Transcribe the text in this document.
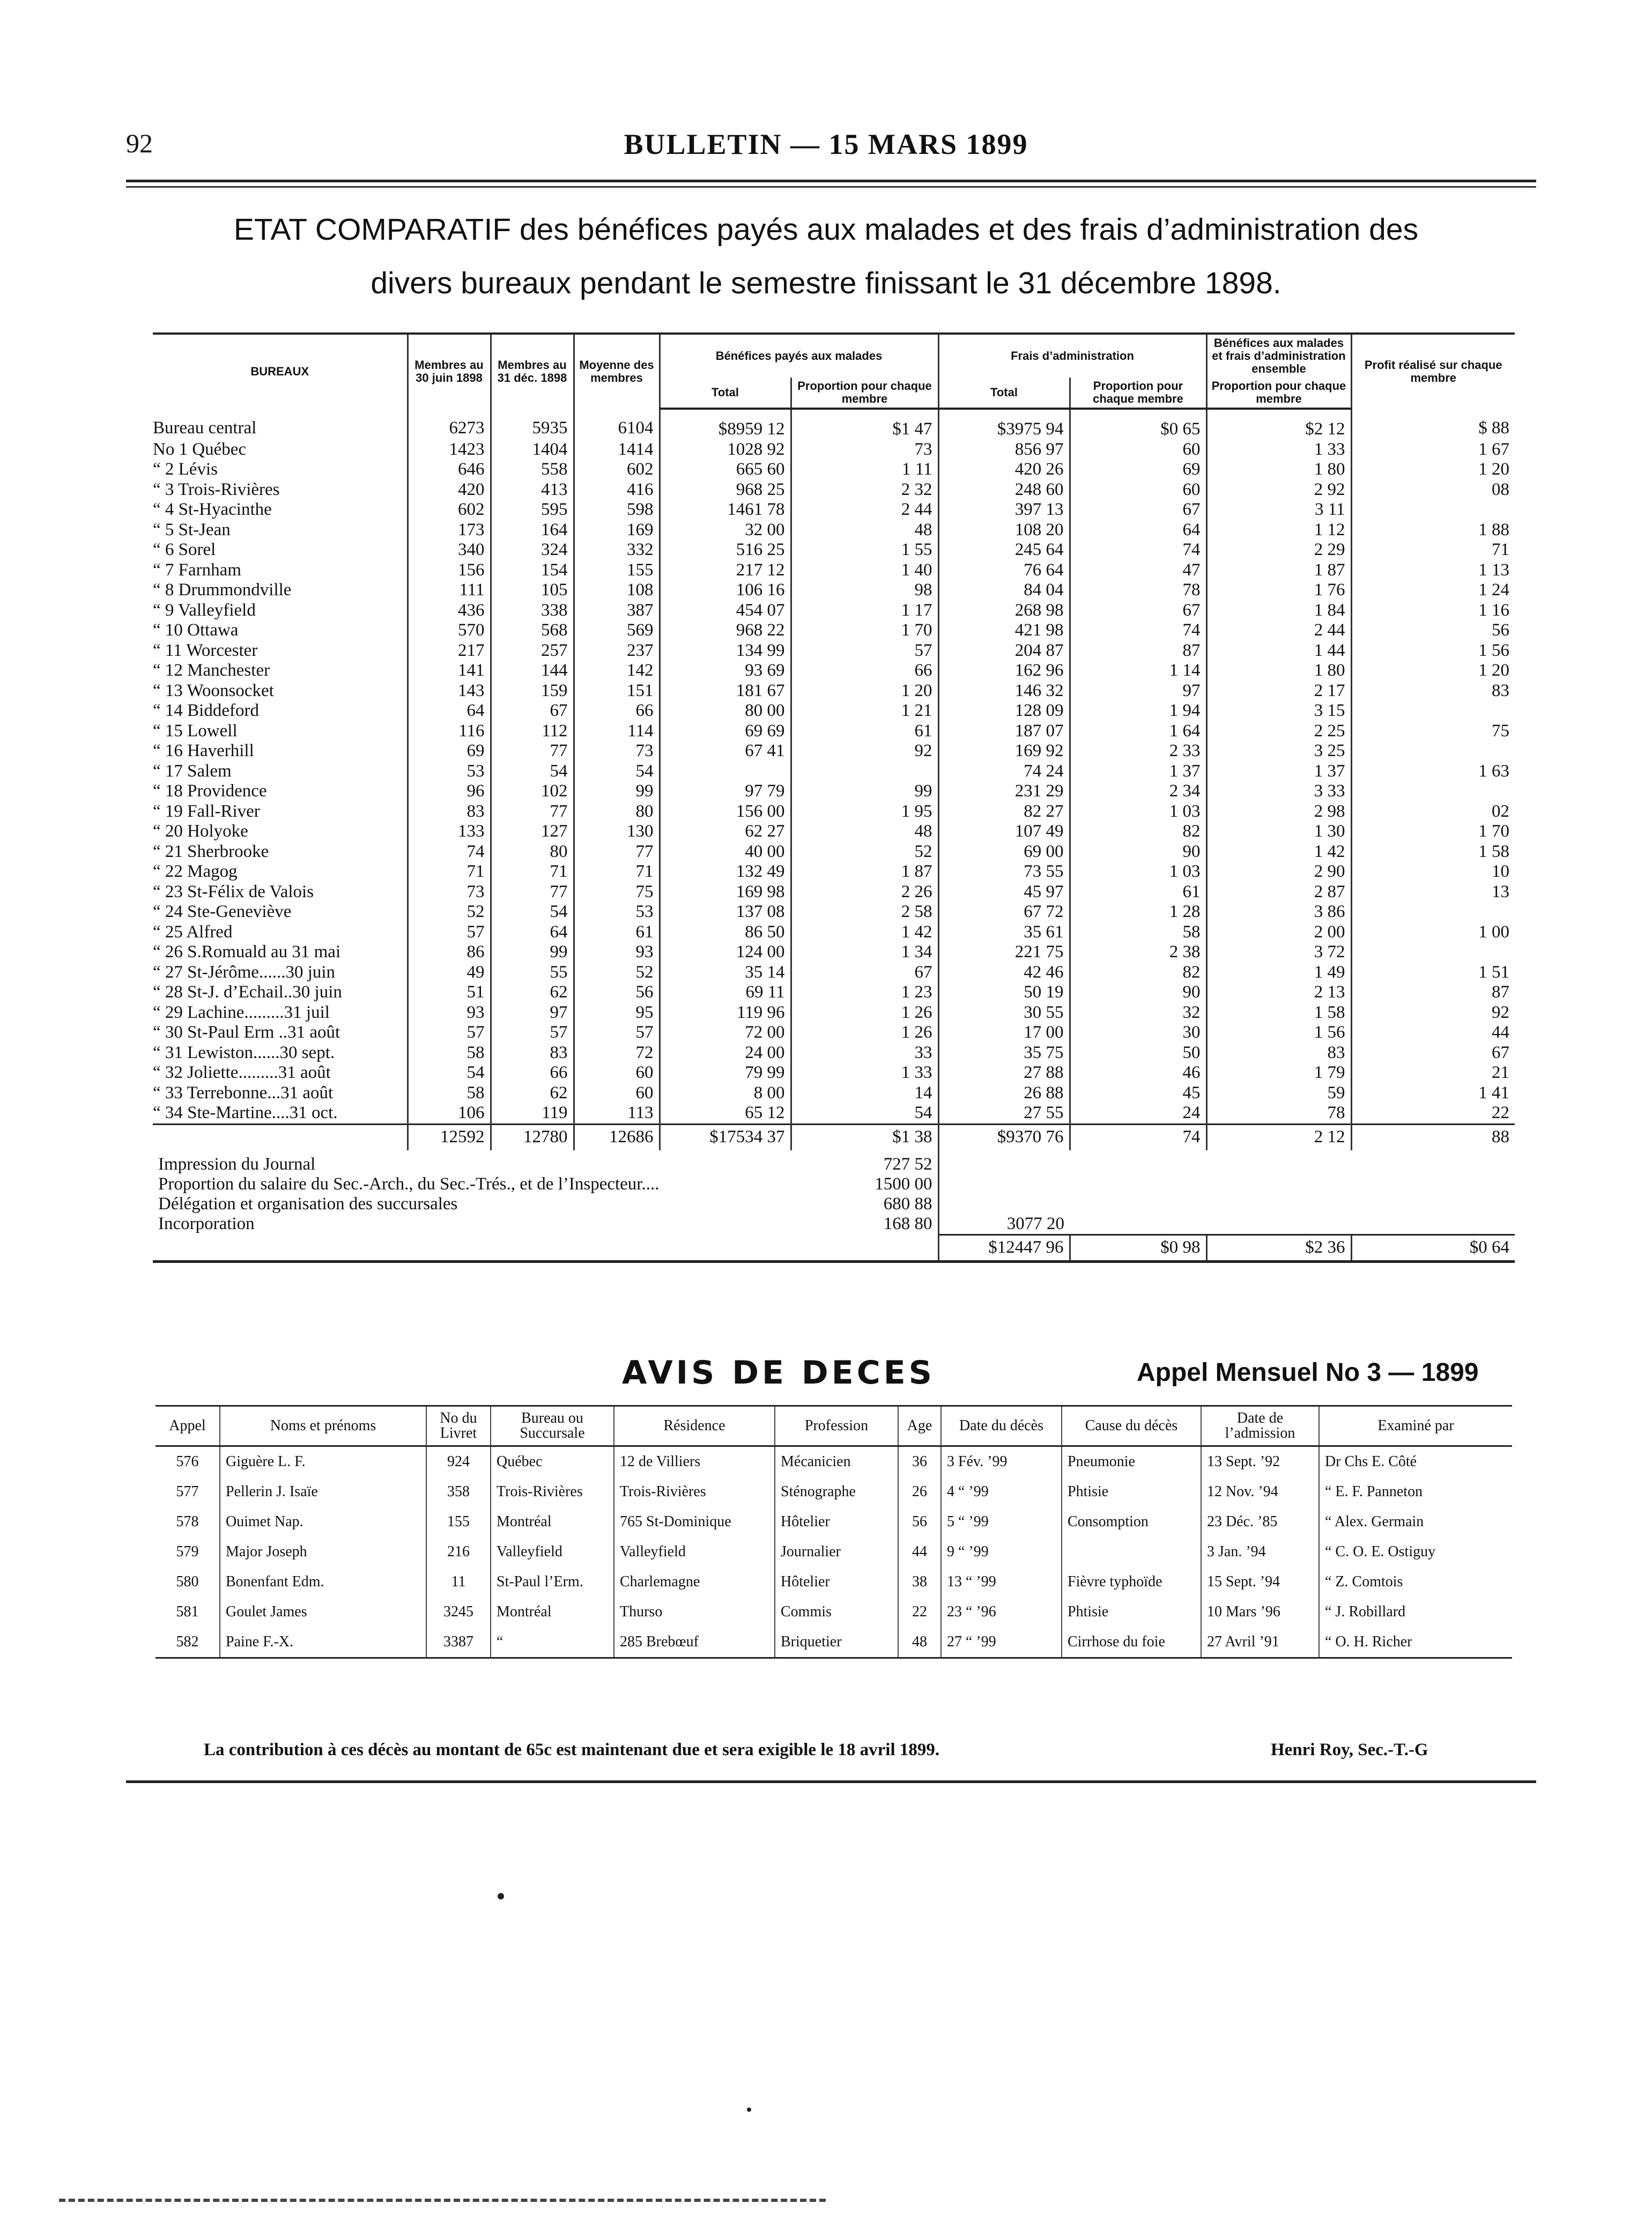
92	BULLETIN — 15 MARS 1899
ETAT COMPARATIF des bénéfices payés aux malades et des frais d’administration des
divers bureaux pendant le semestre finissant le 31 décembre 1898.
BUREAUX	Membres au 30 juin 1898	Membres au 31 déc. 1898	Moyenne des membres	Bénéfices payés aux malades		Frais d’administration		Bénéfices aux malades et frais d’administration ensemble	Profit réalisé sur chaque membre
				Total	Proportion pour chaque membre	Total	Proportion pour chaque membre	Proportion pour chaque membre	
Bureau central	6273	5935	6104	$8959 12	$1 47	$3975 94	$0 65	$2 12	$ 88
No 1 Québec	1423	1404	1414	1028 92	73	856 97	60	1 33	1 67
“ 2 Lévis	646	558	602	665 60	1 11	420 26	69	1 80	1 20
“ 3 Trois-Rivières	420	413	416	968 25	2 32	248 60	60	2 92	08
“ 4 St-Hyacinthe	602	595	598	1461 78	2 44	397 13	67	3 11	
“ 5 St-Jean	173	164	169	32 00	48	108 20	64	1 12	1 88
“ 6 Sorel	340	324	332	516 25	1 55	245 64	74	2 29	71
“ 7 Farnham	156	154	155	217 12	1 40	76 64	47	1 87	1 13
“ 8 Drummondville	111	105	108	106 16	98	84 04	78	1 76	1 24
“ 9 Valleyfield	436	338	387	454 07	1 17	268 98	67	1 84	1 16
“ 10 Ottawa	570	568	569	968 22	1 70	421 98	74	2 44	56
“ 11 Worcester	217	257	237	134 99	57	204 87	87	1 44	1 56
“ 12 Manchester	141	144	142	93 69	66	162 96	1 14	1 80	1 20
“ 13 Woonsocket	143	159	151	181 67	1 20	146 32	97	2 17	83
“ 14 Biddeford	64	67	66	80 00	1 21	128 09	1 94	3 15	
“ 15 Lowell	116	112	114	69 69	61	187 07	1 64	2 25	75
“ 16 Haverhill	69	77	73	67 41	92	169 92	2 33	3 25	
“ 17 Salem	53	54	54			74 24	1 37	1 37	1 63
“ 18 Providence	96	102	99	97 79	99	231 29	2 34	3 33	
“ 19 Fall-River	83	77	80	156 00	1 95	82 27	1 03	2 98	02
“ 20 Holyoke	133	127	130	62 27	48	107 49	82	1 30	1 70
“ 21 Sherbrooke	74	80	77	40 00	52	69 00	90	1 42	1 58
“ 22 Magog	71	71	71	132 49	1 87	73 55	1 03	2 90	10
“ 23 St-Félix de Valois	73	77	75	169 98	2 26	45 97	61	2 87	13
“ 24 Ste-Geneviève	52	54	53	137 08	2 58	67 72	1 28	3 86	
“ 25 Alfred	57	64	61	86 50	1 42	35 61	58	2 00	1 00
“ 26 S.Romuald au 31 mai	86	99	93	124 00	1 34	221 75	2 38	3 72	
“ 27 St-Jérôme......30 juin	49	55	52	35 14	67	42 46	82	1 49	1 51
“ 28 St-J. d’Echail..30 juin	51	62	56	69 11	1 23	50 19	90	2 13	87
“ 29 Lachine.........31 juil	93	97	95	119 96	1 26	30 55	32	1 58	92
“ 30 St-Paul Erm ..31 août	57	57	57	72 00	1 26	17 00	30	1 56	44
“ 31 Lewiston......30 sept.	58	83	72	24 00	33	35 75	50	83	67
“ 32 Joliette.........31 août	54	66	60	79 99	1 33	27 88	46	1 79	21
“ 33 Terrebonne...31 août	58	62	60	8 00	14	26 88	45	59	1 41
“ 34 Ste-Martine....31 oct.	106	119	113	65 12	54	27 55	24	78	22
	12592	12780	12686	$17534 37	$1 38	$9370 76	74	2 12	88
Impression du Journal					727 52				
Proportion du salaire du Sec.-Arch., du Sec.-Trés., et de l’Inspecteur....					1500 00				
Délégation et organisation des succursales					680 88				
Incorporation					168 80	3077 20			
						$12447 96	$0 98	$2 36	$0 64
AVIS DE DECES	Appel Mensuel No 3 — 1899
Appel	Noms et prénoms	No du Livret	Bureau ou Succursale	Résidence	Profession	Age	Date du décès	Cause du décès	Date de l’admission	Examiné par
576	Giguère L. F.	924	Québec	12 de Villiers	Mécanicien	36	3 Fév. ’99	Pneumonie	13 Sept. ’92	Dr Chs E. Côté
577	Pellerin J. Isaïe	358	Trois-Rivières	Trois-Rivières	Sténographe	26	4 “ ’99	Phtisie	12 Nov. ’94	“ E. F. Panneton
578	Ouimet Nap.	155	Montréal	765 St-Dominique	Hôtelier	56	5 “ ’99	Consomption	23 Déc. ’85	“ Alex. Germain
579	Major Joseph	216	Valleyfield	Valleyfield	Journalier	44	9 “ ’99		3 Jan. ’94	“ C. O. E. Ostiguy
580	Bonenfant Edm.	11	St-Paul l’Erm.	Charlemagne	Hôtelier	38	13 “ ’99	Fièvre typhoïde	15 Sept. ’94	“ Z. Comtois
581	Goulet James	3245	Montréal	Thurso	Commis	22	23 “ ’96	Phtisie	10 Mars ’96	“ J. Robillard
582	Paine F.-X.	3387	“	285 Brebœuf	Briquetier	48	27 “ ’99	Cirrhose du foie	27 Avril ’91	“ O. H. Richer
La contribution à ces décès au montant de 65c est maintenant due et sera exigible le 18 avril 1899.	Henri Roy, Sec.-T.-G
